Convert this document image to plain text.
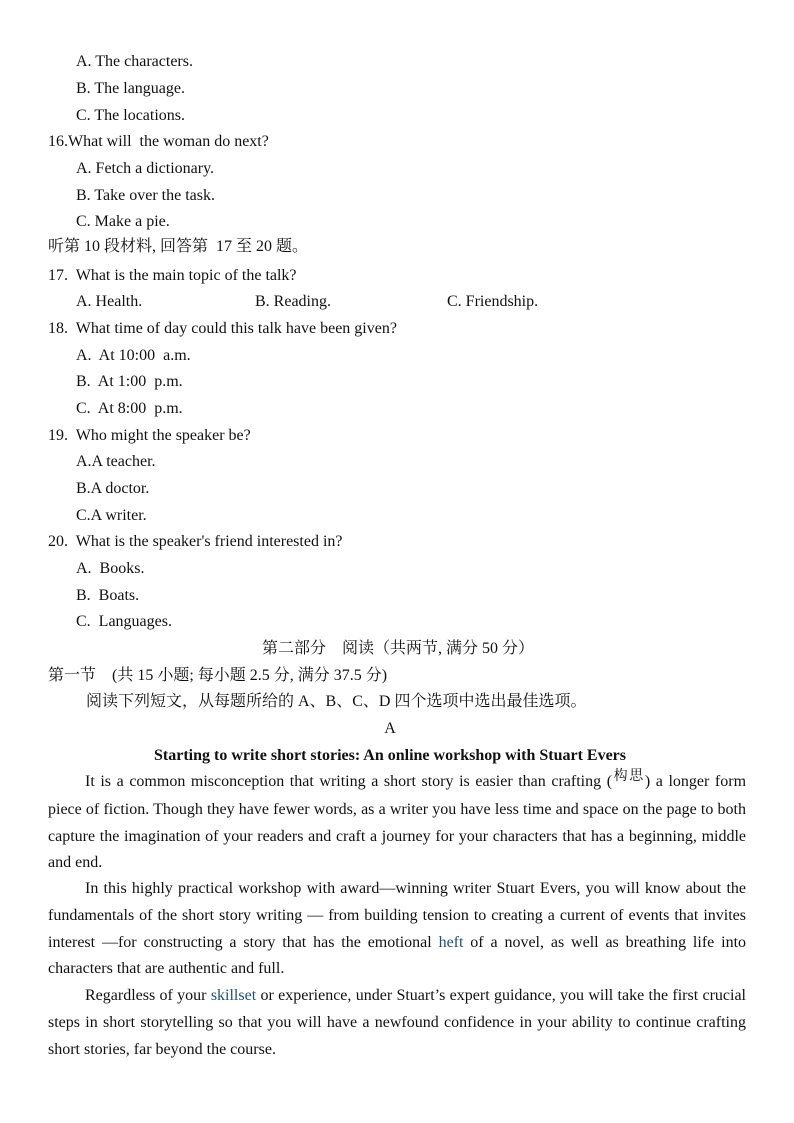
A. The characters.
B. The language.
C. The locations.
16.What will  the woman do next?
A. Fetch a dictionary.
B. Take over the task.
C. Make a pie.
听第 10 段材料, 回答第  17 至 20 题。
17.  What is the main topic of the talk?

A. Health.

	B. Reading.

	C. Friendship.

18.  What time of day could this talk have been given?
A.  At 10:00  a.m.
B.  At 1:00  p.m.
C.  At 8:00  p.m.
19.  Who might the speaker be?
A.A teacher.
B.A doctor.
C.A writer.
20.  What is the speaker's friend interested in?
A.  Books.
B.  Boats.
C.  Languages.
第二部分    阅读（共两节, 满分 50 分）
第一节    (共 15 小题; 每小题 2.5 分, 满分 37.5 分)
阅读下列短文，从每题所给的 A、B、C、D 四个选项中选出最佳选项。
A
Starting to write short stories: An online workshop with Stuart Evers
It is a common misconception that writing a short story is easier than crafting (构思) a longer form piece of fiction. Though they have fewer words, as a writer you have less time and space on the page to both capture the imagination of your readers and craft a journey for your characters that has a beginning, middle and end.
In this highly practical workshop with award—winning writer Stuart Evers, you will know about the fundamentals of the short story writing — from building tension to creating a current of events that invites interest —for constructing a story that has the emotional heft of a novel, as well as breathing life into characters that are authentic and full.
Regardless of your skillset or experience, under Stuart’s expert guidance, you will take the first crucial steps in short storytelling so that you will have a newfound confidence in your ability to continue crafting short stories, far beyond the course.
